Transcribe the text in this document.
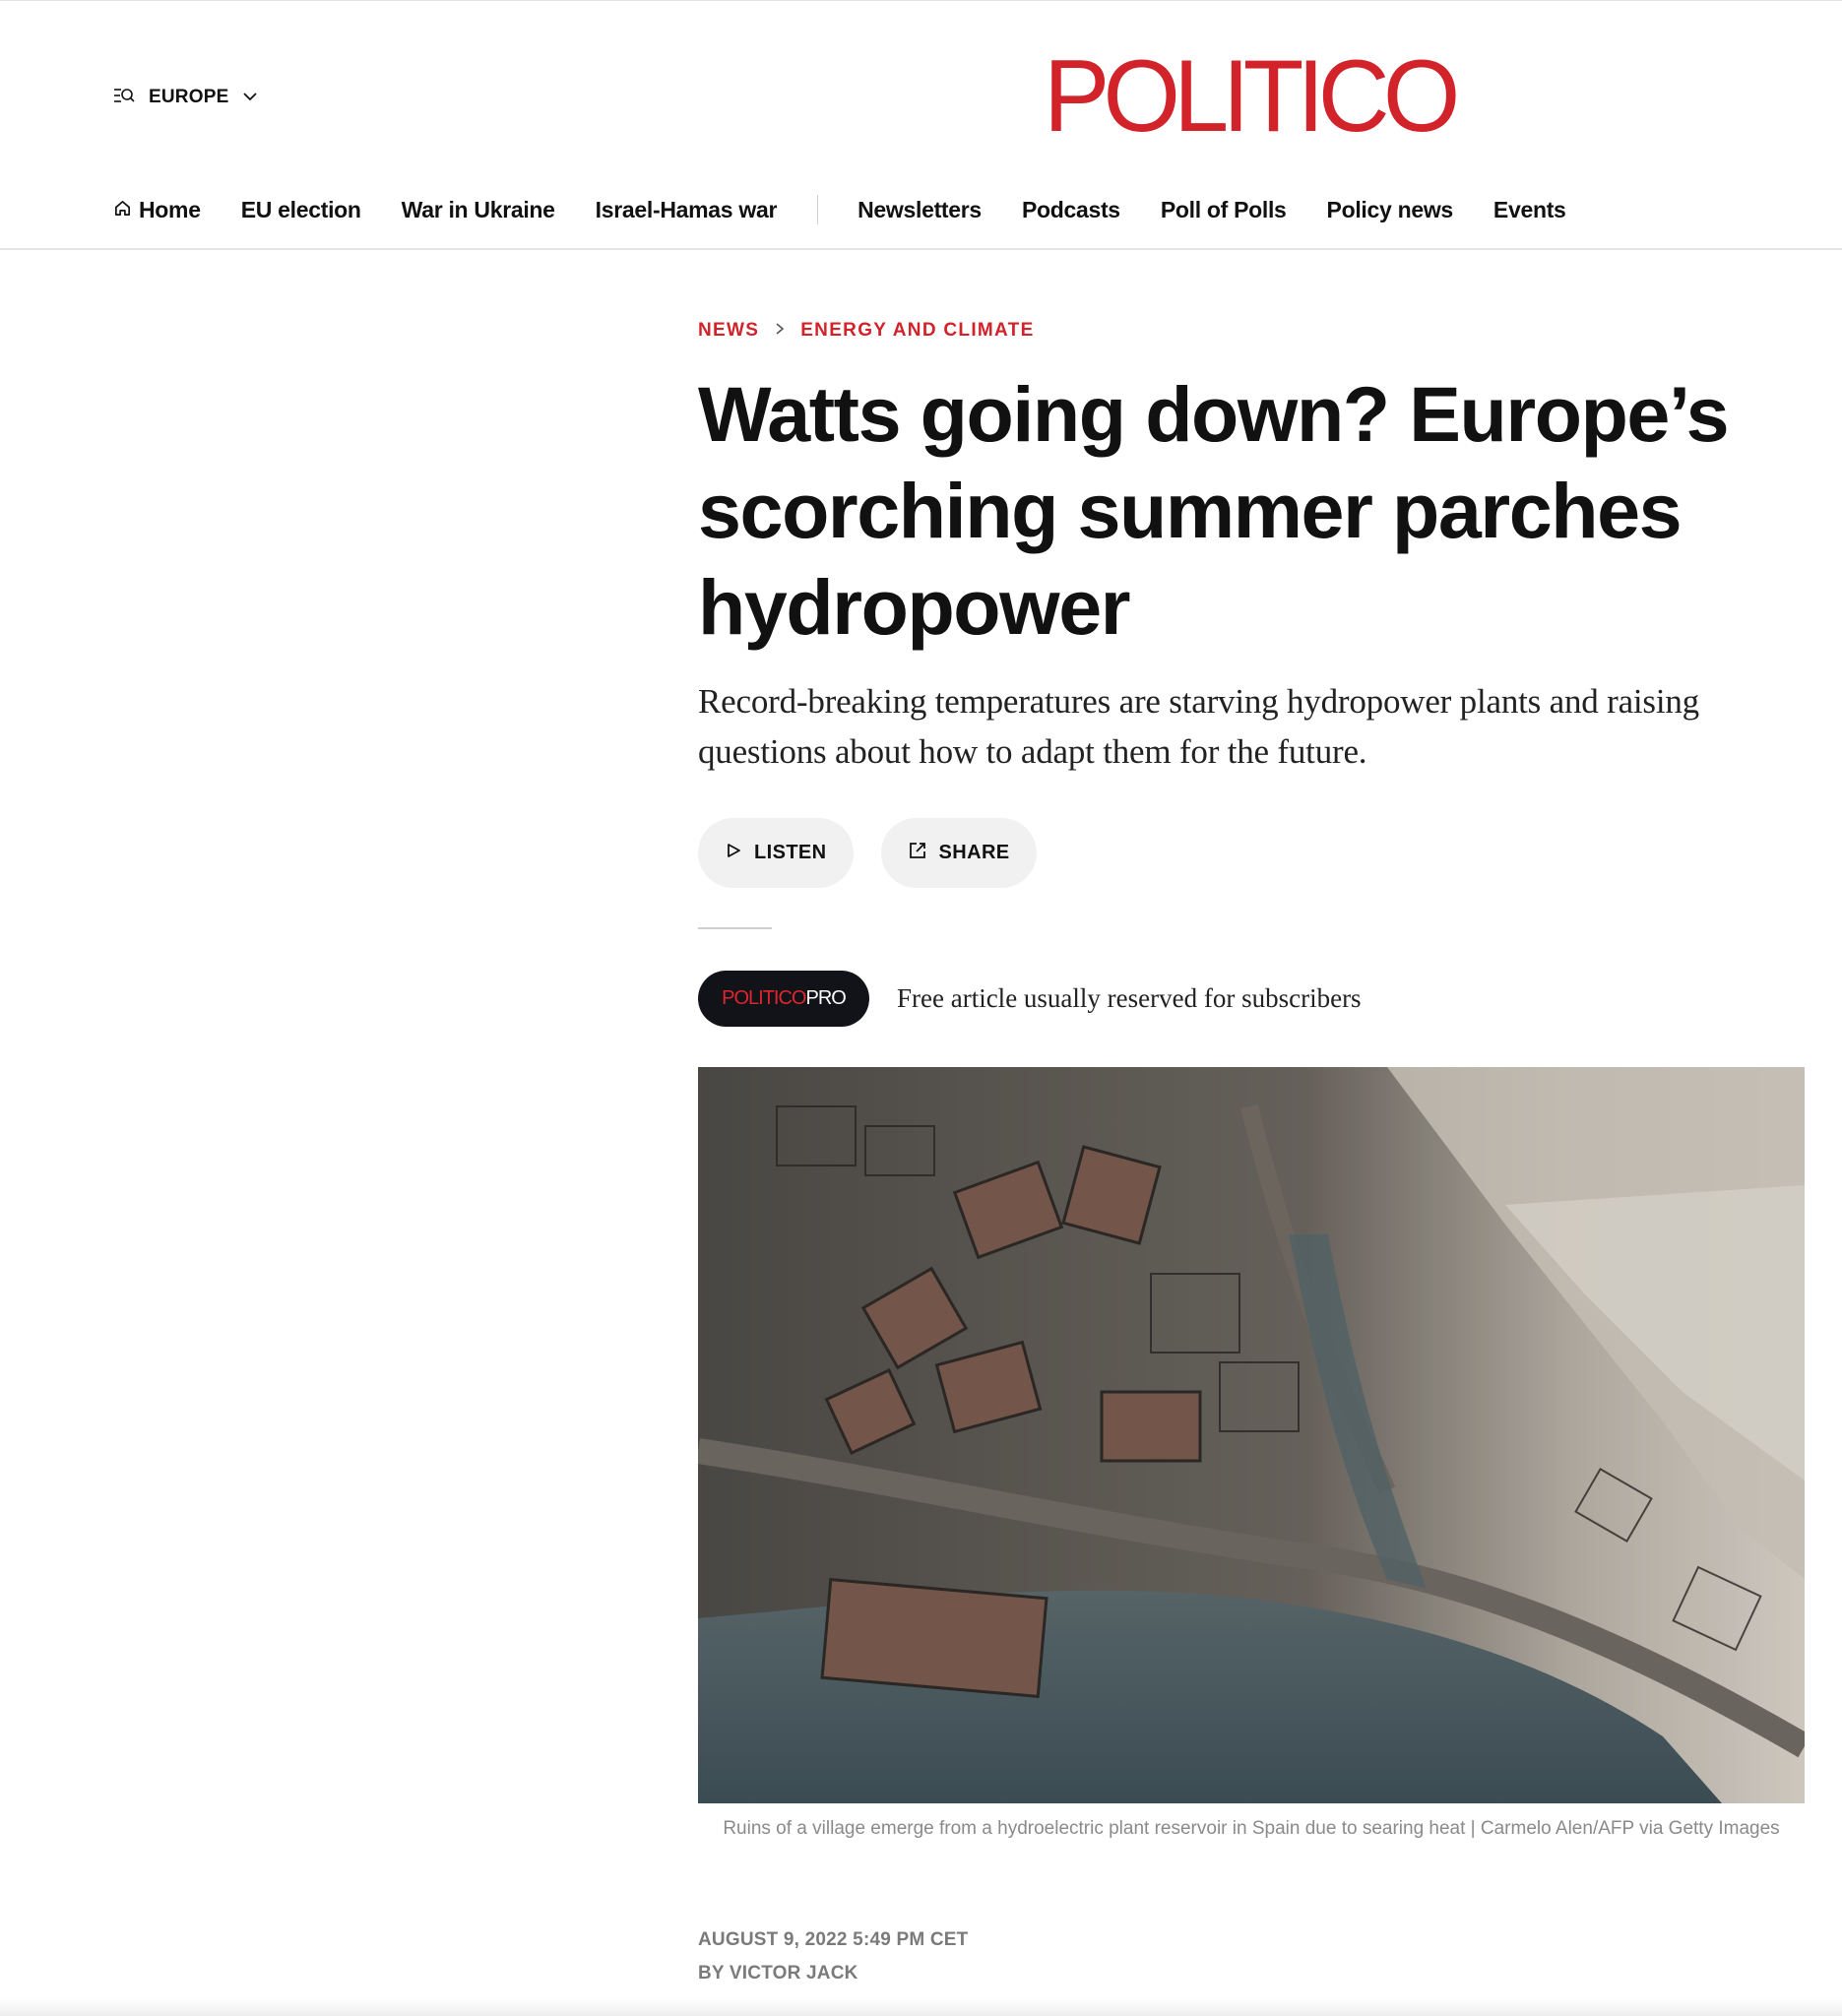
EUROPE	POLITICO
Home EU election War in Ukraine Israel-Hamas war	Newsletters Podcasts Poll of Polls Policy news Events
NEWS ENERGY AND CLIMATE
Watts going down? Europe’s scorching summer parches hydropower

Record-breaking temperatures are starving hydropower plants and raising questions about how to adapt them for the future.

LISTEN	SHARE
POLITICO PRO Free article usually reserved for subscribers
Ruins of a village emerge from a hydroelectric plant reservoir in Spain due to searing heat | Carmelo Alen/AFP via Getty Images
AUGUST 9, 2022 5:49 PM CET
BY VICTOR JACK
